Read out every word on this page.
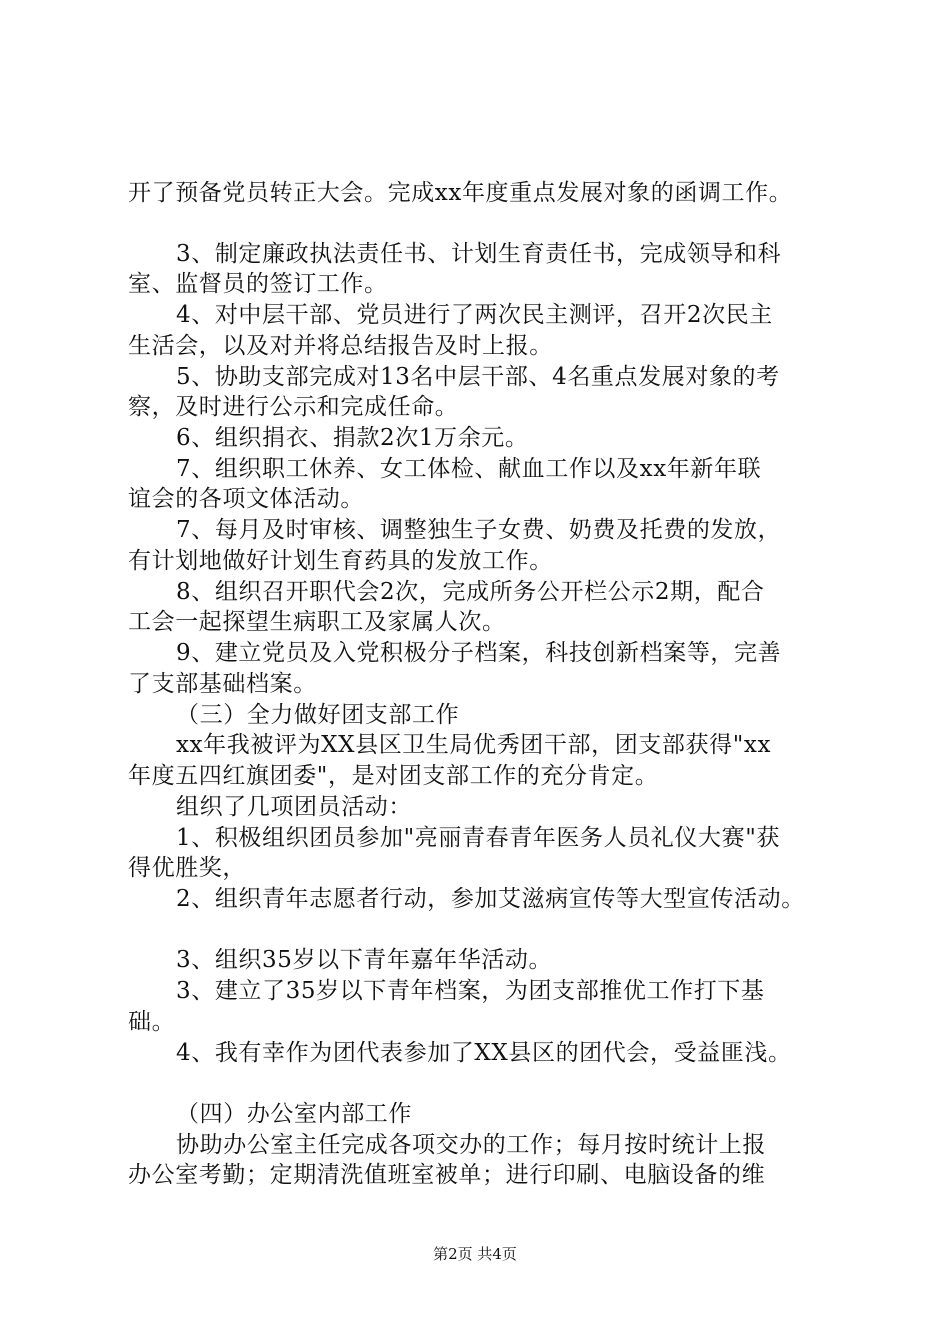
开了预备党员转正大会。完成xx年度重点发展对象的函调工作。
3、制定廉政执法责任书、计划生育责任书，完成领导和科
室、监督员的签订工作。
4、对中层干部、党员进行了两次民主测评，召开2次民主
生活会，以及对并将总结报告及时上报。
5、协助支部完成对13名中层干部、4名重点发展对象的考
察，及时进行公示和完成任命。
6、组织捐衣、捐款2次1万余元。
7、组织职工休养、女工体检、献血工作以及xx年新年联
谊会的各项文体活动。
7、每月及时审核、调整独生子女费、奶费及托费的发放，
有计划地做好计划生育药具的发放工作。
8、组织召开职代会2次，完成所务公开栏公示2期，配合
工会一起探望生病职工及家属人次。
9、建立党员及入党积极分子档案，科技创新档案等，完善
了支部基础档案。
（三）全力做好团支部工作
xx年我被评为XX县区卫生局优秀团干部，团支部获得"xx
年度五四红旗团委"，是对团支部工作的充分肯定。
组织了几项团员活动：
1、积极组织团员参加"亮丽青春青年医务人员礼仪大赛"获
得优胜奖，
2、组织青年志愿者行动，参加艾滋病宣传等大型宣传活动。
3、组织35岁以下青年嘉年华活动。
3、建立了35岁以下青年档案，为团支部推优工作打下基
础。
4、我有幸作为团代表参加了XX县区的团代会，受益匪浅。
（四）办公室内部工作
协助办公室主任完成各项交办的工作；每月按时统计上报
办公室考勤；定期清洗值班室被单；进行印刷、电脑设备的维
第2页 共4页
